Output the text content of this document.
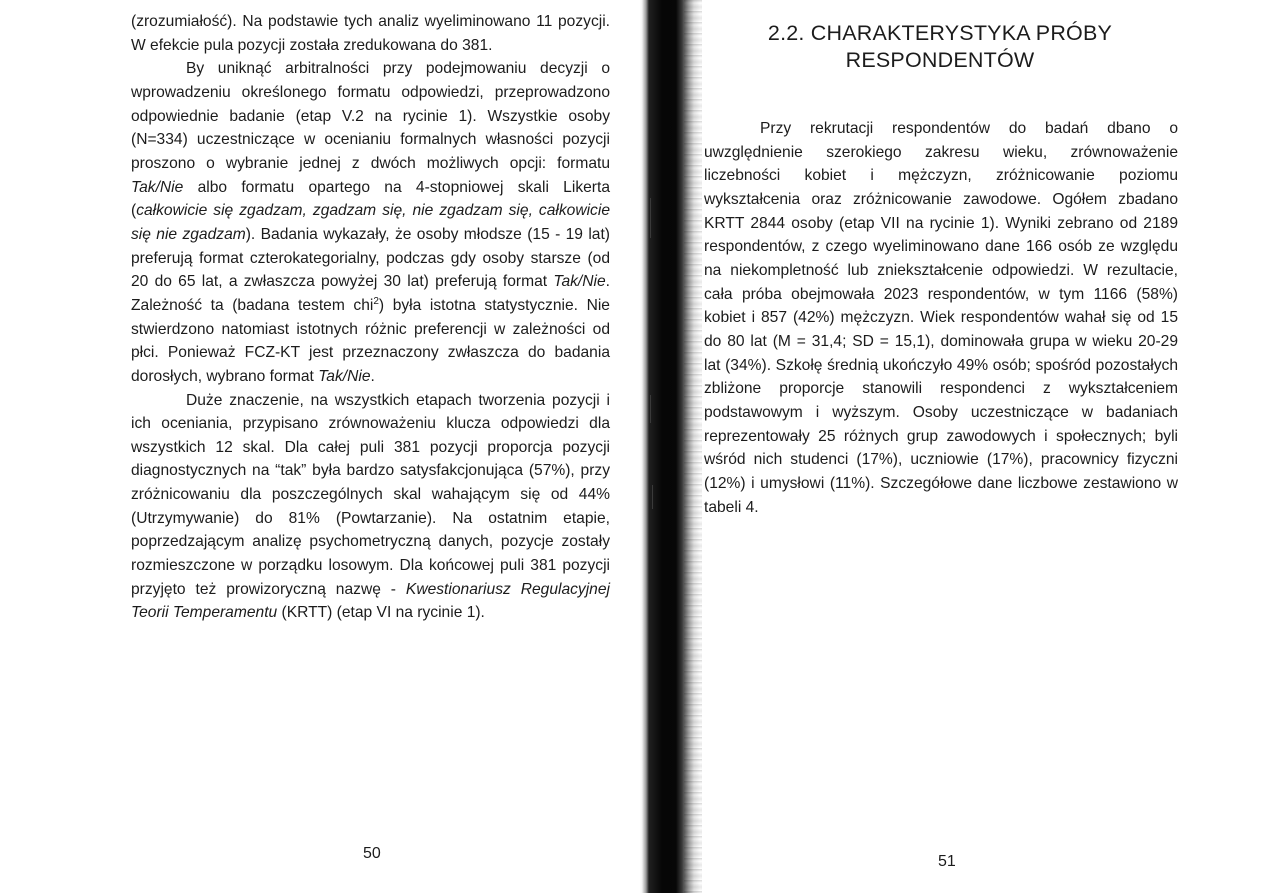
(zrozumiałość). Na podstawie tych analiz wyeliminowano 11 pozycji. W efekcie pula pozycji została zredukowana do 381.

By uniknąć arbitralności przy podejmowaniu decyzji o wprowadzeniu określonego formatu odpowiedzi, przeprowadzono odpowiednie badanie (etap V.2 na rycinie 1). Wszystkie osoby (N=334) uczestniczące w ocenianiu formalnych własności pozycji proszono o wybranie jednej z dwóch możliwych opcji: formatu Tak/Nie albo formatu opartego na 4-stopniowej skali Likerta (całkowicie się zgadzam, zgadzam się, nie zgadzam się, całkowicie się nie zgadzam). Badania wykazały, że osoby młodsze (15 - 19 lat) preferują format czterokategorialny, podczas gdy osoby starsze (od 20 do 65 lat, a zwłaszcza powyżej 30 lat) preferują format Tak/Nie. Zależność ta (badana testem chi$^2$) była istotna statystycznie. Nie stwierdzono natomiast istotnych różnic preferencji w zależności od płci. Ponieważ FCZ-KT jest przeznaczony zwłaszcza do badania dorosłych, wybrano format Tak/Nie.

Duże znaczenie, na wszystkich etapach tworzenia pozycji i ich oceniania, przypisano zrównoważeniu klucza odpowiedzi dla wszystkich 12 skal. Dla całej puli 381 pozycji proporcja pozycji diagnostycznych na “tak” była bardzo satysfakcjonująca (57%), przy zróżnicowaniu dla poszczególnych skal wahającym się od 44% (Utrzymywanie) do 81% (Powtarzanie). Na ostatnim etapie, poprzedzającym analizę psychometryczną danych, pozycje zostały rozmieszczone w porządku losowym. Dla końcowej puli 381 pozycji przyjęto też prowizoryczną nazwę - Kwestionariusz Regulacyjnej Teorii Temperamentu (KRTT) (etap VI na rycinie 1).

50
2.2. CHARAKTERYSTYKA PRÓBY
RESPONDENTÓW

Przy rekrutacji respondentów do badań dbano o uwzględnienie szerokiego zakresu wieku, zrównoważenie liczebności kobiet i mężczyzn, zróżnicowanie poziomu wykształcenia oraz zróżnicowanie zawodowe. Ogółem zbadano KRTT 2844 osoby (etap VII na rycinie 1). Wyniki zebrano od 2189 respondentów, z czego wyeliminowano dane 166 osób ze względu na niekompletność lub zniekształcenie odpowiedzi. W rezultacie, cała próba obejmowała 2023 respondentów, w tym 1166 (58%) kobiet i 857 (42%) mężczyzn. Wiek respondentów wahał się od 15 do 80 lat (M = 31,4; SD = 15,1), dominowała grupa w wieku 20-29 lat (34%). Szkołę średnią ukończyło 49% osób; spośród pozostałych zbliżone proporcje stanowili respondenci z wykształceniem podstawowym i wyższym. Osoby uczestniczące w badaniach reprezentowały 25 różnych grup zawodowych i społecznych; byli wśród nich studenci (17%), uczniowie (17%), pracownicy fizyczni (12%) i umysłowi (11%). Szczegółowe dane liczbowe zestawiono w tabeli 4.

51
